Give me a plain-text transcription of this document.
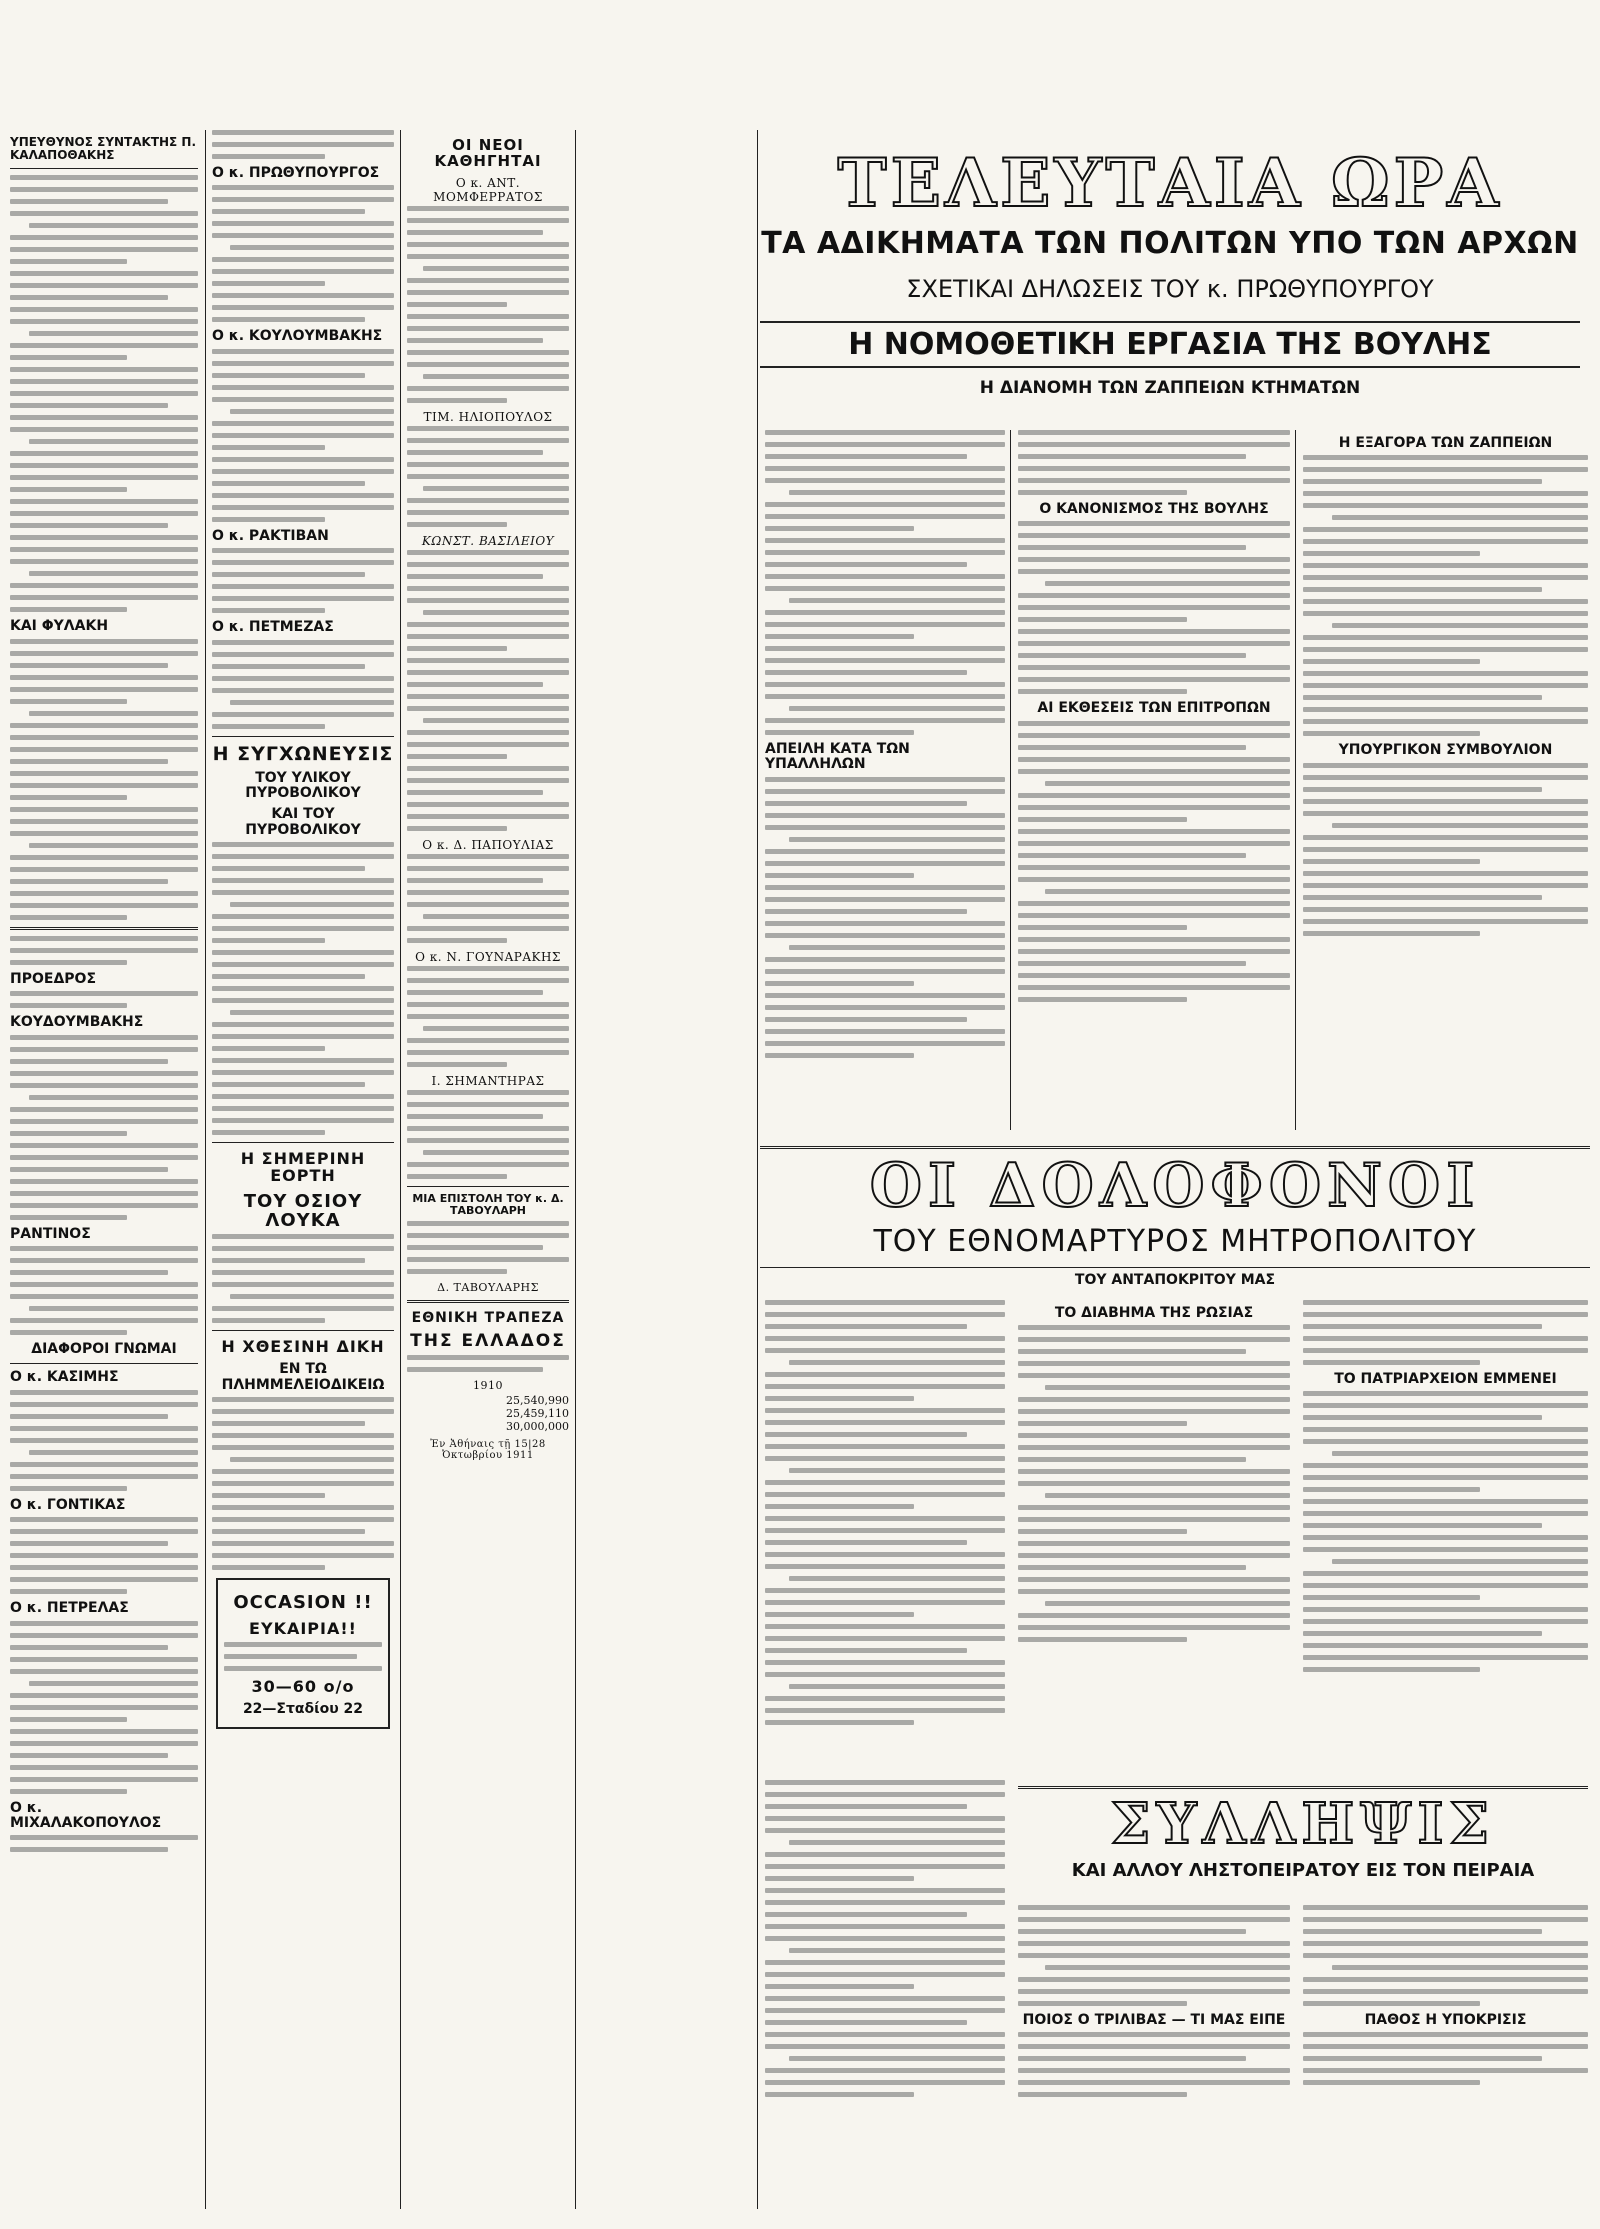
ΤΕΛΕΥΤΑΙΑ ΩΡΑ
ΤΑ ΑΔΙΚΗΜΑΤΑ ΤΩΝ ΠΟΛΙΤΩΝ ΥΠΟ ΤΩΝ ΑΡΧΩΝ
ΣΧΕΤΙΚΑΙ ΔΗΛΩΣΕΙΣ ΤΟΥ κ. ΠΡΩΘΥΠΟΥΡΓΟΥ
Η ΝΟΜΟΘΕΤΙΚΗ ΕΡΓΑΣΙΑ ΤΗΣ ΒΟΥΛΗΣ
Η ΔΙΑΝΟΜΗ ΤΩΝ ΖΑΠΠΕΙΩΝ ΚΤΗΜΑΤΩΝ
ΥΠΕΥΘΥΝΟΣ ΣΥΝΤΑΚΤΗΣ Π. ΚΑΛΑΠΟΘΑΚΗΣ
ΚΑΙ ΦΥΛΑΚΗ
ΠΡΟΕΔΡΟΣ
ΚΟΥΔΟΥΜΒΑΚΗΣ
ΡΑΝΤΙΝΟΣ
ΔΙΑΦΟΡΟΙ ΓΝΩΜΑΙ
Ο κ. ΚΑΣΙΜΗΣ
Ο κ. ΓΟΝΤΙΚΑΣ
Ο κ. ΠΕΤΡΕΛΑΣ
Ο κ. ΜΙΧΑΛΑΚΟΠΟΥΛΟΣ
Ο κ. ΠΡΩΘΥΠΟΥΡΓΟΣ
Ο κ. ΚΟΥΛΟΥΜΒΑΚΗΣ
Ο κ. ΡΑΚΤΙΒΑΝ
Ο κ. ΠΕΤΜΕΖΑΣ
Η ΣΥΓΧΩΝΕΥΣΙΣ
ΤΟΥ ΥΛΙΚΟΥ ΠΥΡΟΒΟΛΙΚΟΥ
ΚΑΙ ΤΟΥ ΠΥΡΟΒΟΛΙΚΟΥ
Η ΣΗΜΕΡΙΝΗ ΕΟΡΤΗ
ΤΟΥ ΟΣΙΟΥ ΛΟΥΚΑ
Η ΧΘΕΣΙΝΗ ΔΙΚΗ
ΕΝ ΤΩ ΠΛΗΜΜΕΛΕΙΟΔΙΚΕΙΩ
OCCASION !!
ΕΥΚΑΙΡΙΑ!!
30—60 ο/ο
22—Σταδίου 22
ΟΙ ΝΕΟΙ ΚΑΘΗΓΗΤΑΙ
Ο κ. ΑΝΤ. ΜΟΜΦΕΡΡΑΤΟΣ
ΤΙΜ. ΗΛΙΟΠΟΥΛΟΣ
ΚΩΝΣΤ. ΒΑΣΙΛΕΙΟΥ
Ο κ. Δ. ΠΑΠΟΥΛΙΑΣ
Ο κ. Ν. ΓΟΥΝΑΡΑΚΗΣ
Ι. ΣΗΜΑΝΤΗΡΑΣ
ΜΙΑ ΕΠΙΣΤΟΛΗ ΤΟΥ κ. Δ. ΤΑΒΟΥΛΑΡΗ
Δ. ΤΑΒΟΥΛΑΡΗΣ
ΕΘΝΙΚΗ ΤΡΑΠΕΖΑ
ΤΗΣ ΕΛΛΑΔΟΣ
1910
25,540,990
25,459,110
30,000,000
Ἐν Ἀθήναις τῇ 15|28 Ὀκτωβρίου 1911
ΑΠΕΙΛΗ ΚΑΤΑ ΤΩΝ ΥΠΑΛΛΗΛΩΝ
Ο ΚΑΝΟΝΙΣΜΟΣ ΤΗΣ ΒΟΥΛΗΣ
ΑΙ ΕΚΘΕΣΕΙΣ ΤΩΝ ΕΠΙΤΡΟΠΩΝ
Η ΕΞΑΓΟΡΑ ΤΩΝ ΖΑΠΠΕΙΩΝ
ΥΠΟΥΡΓΙΚΟΝ ΣΥΜΒΟΥΛΙΟΝ
ΟΙ ΔΟΛΟΦΟΝΟΙ
ΤΟΥ ΕΘΝΟΜΑΡΤΥΡΟΣ ΜΗΤΡΟΠΟΛΙΤΟΥ
ΤΟΥ ΑΝΤΑΠΟΚΡΙΤΟΥ ΜΑΣ
ΤΟ ΔΙΑΒΗΜΑ ΤΗΣ ΡΩΣΙΑΣ
ΤΟ ΠΑΤΡΙΑΡΧΕΙΟΝ ΕΜΜΕΝΕΙ
ΣΥΛΛΗΨΙΣ
ΚΑΙ ΑΛΛΟΥ ΛΗΣΤΟΠΕΙΡΑΤΟΥ ΕΙΣ ΤΟΝ ΠΕΙΡΑΙΑ
ΠΟΙΟΣ Ο ΤΡΙΛΙΒΑΣ — ΤΙ ΜΑΣ ΕΙΠΕ	ΠΑΘΟΣ Η ΥΠΟΚΡΙΣΙΣ
